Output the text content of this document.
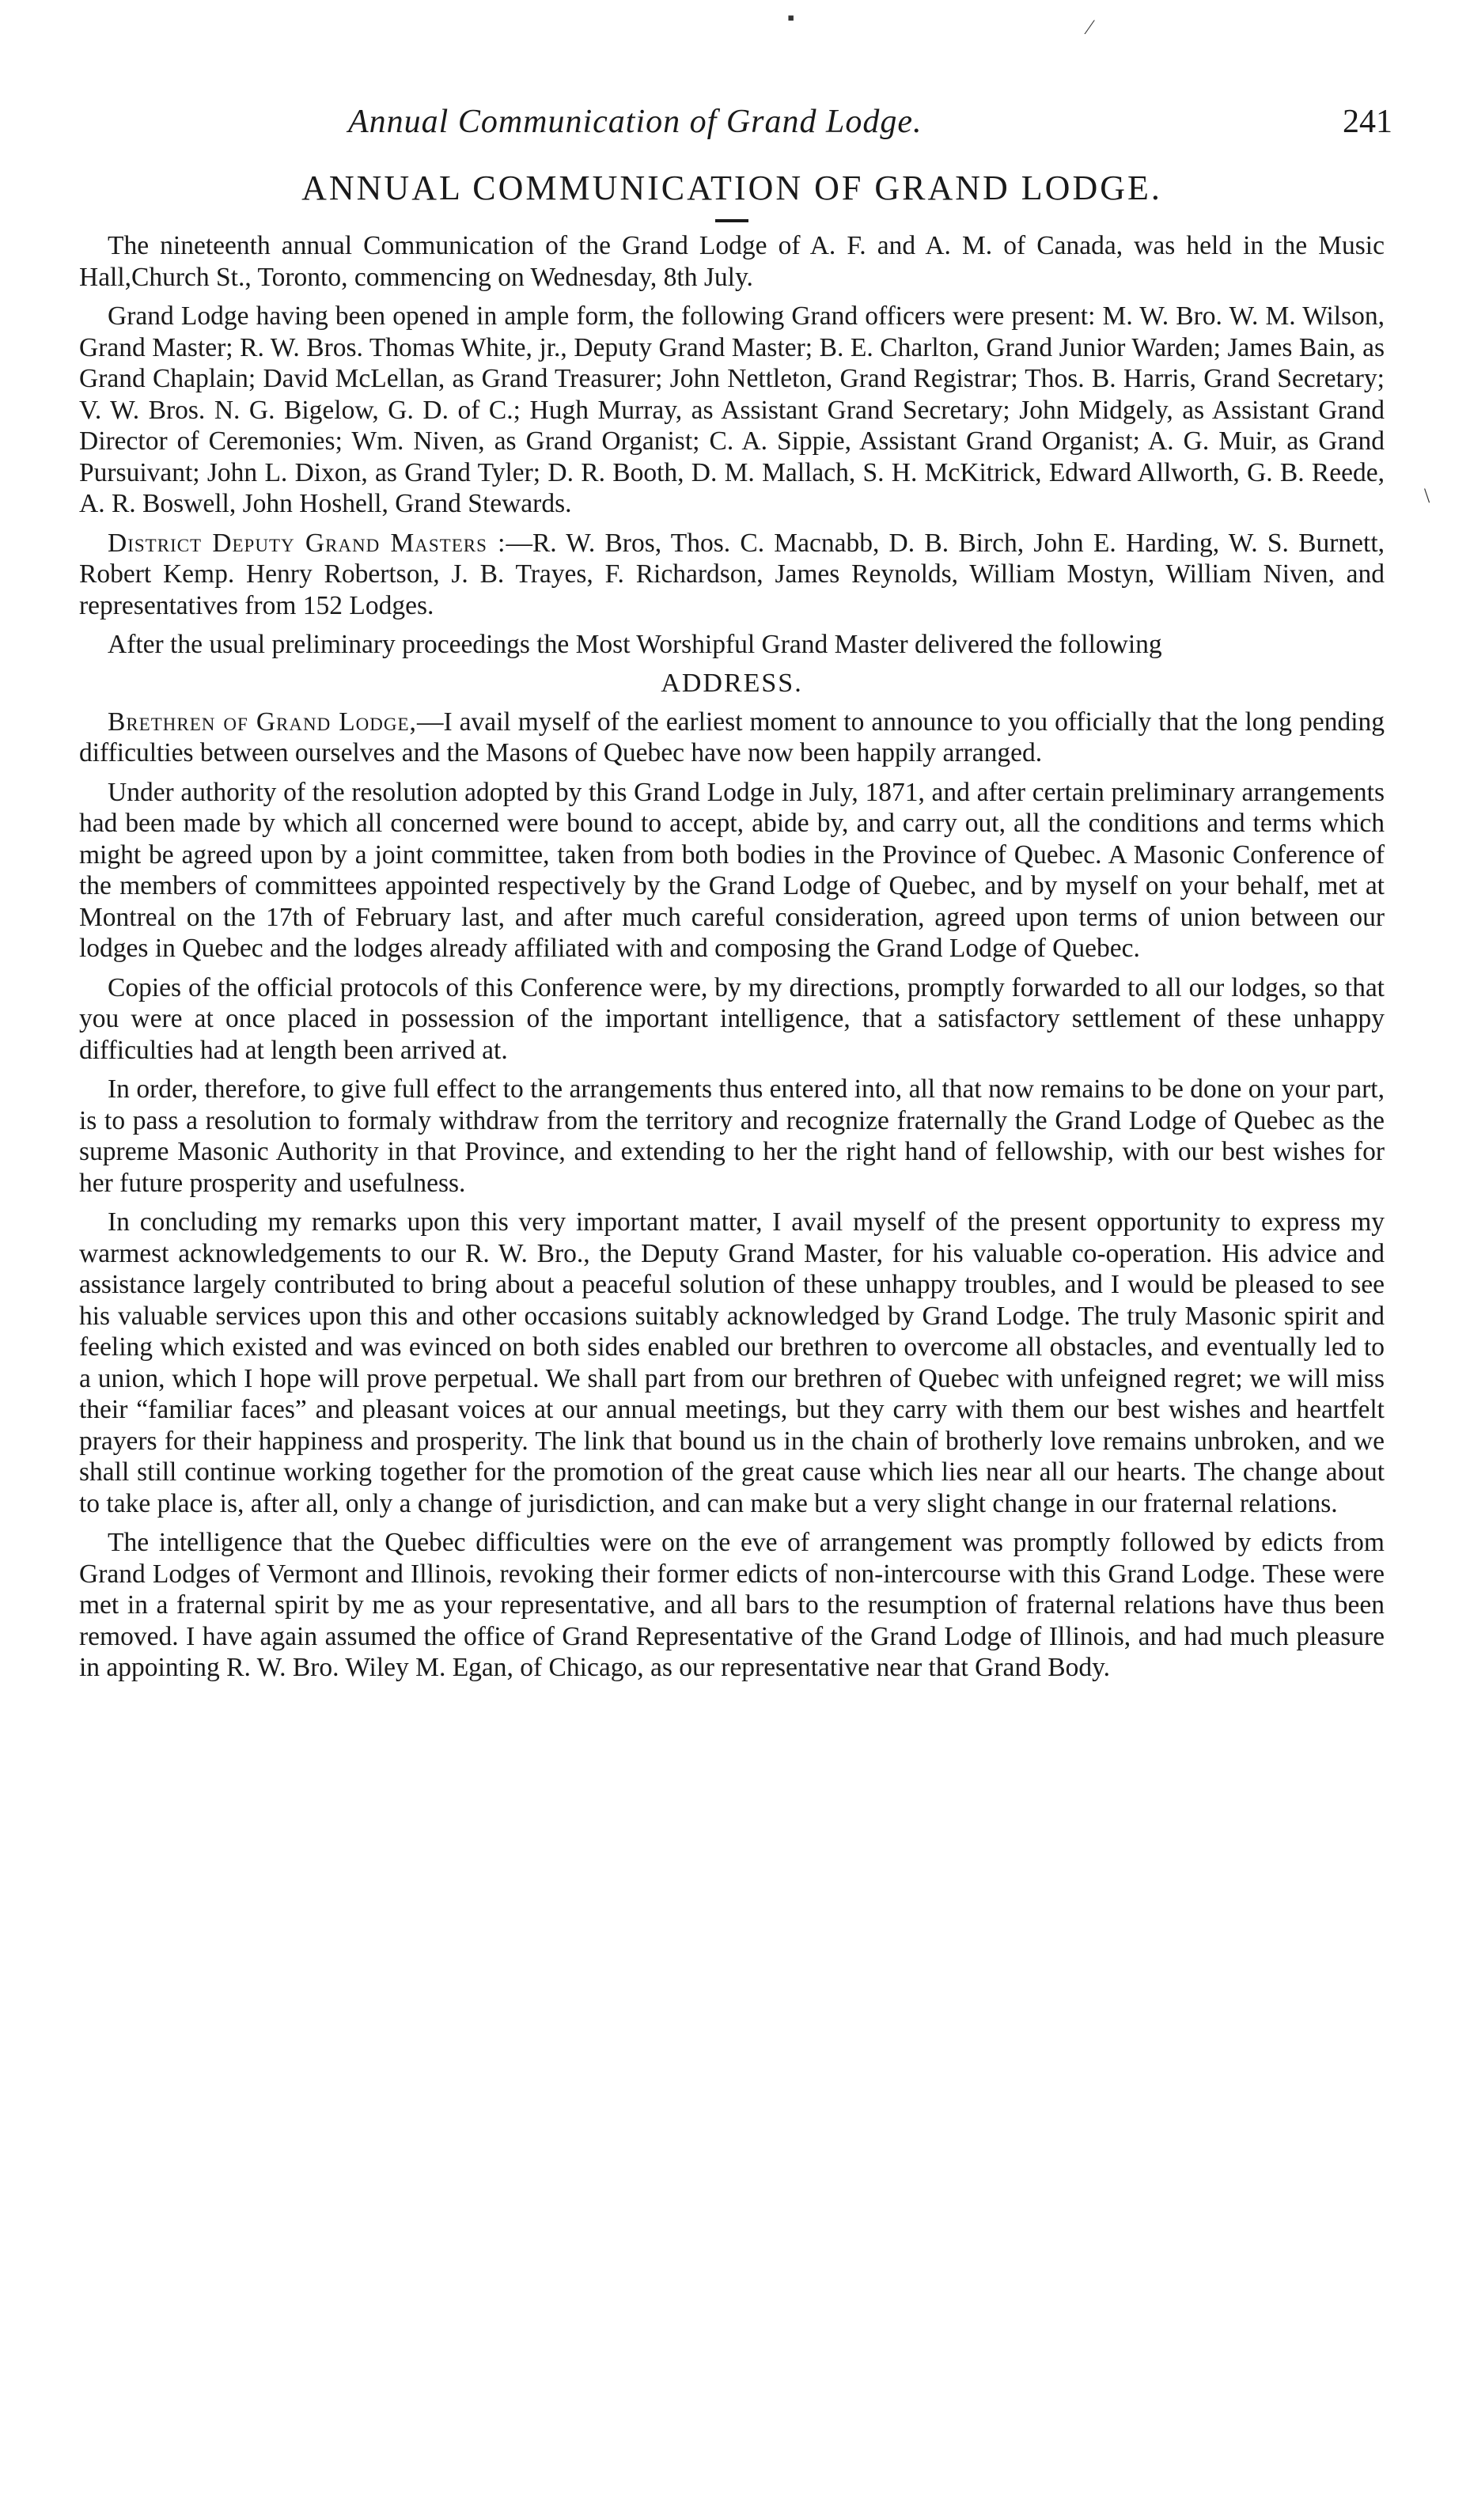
▪	⁄
\
Annual Communication of Grand Lodge.	241
ANNUAL COMMUNICATION OF GRAND LODGE.

The nineteenth annual Communication of the Grand Lodge of A. F. and A. M. of Canada, was held in the Music Hall,Church St., Toronto, commencing on Wednesday, 8th July.

Grand Lodge having been opened in ample form, the following Grand officers were present: M. W. Bro. W. M. Wilson, Grand Master; R. W. Bros. Thomas White, jr., Deputy Grand Master; B. E. Charlton, Grand Junior Warden; James Bain, as Grand Chaplain; David McLellan, as Grand Treasurer; John Nettleton, Grand Registrar; Thos. B. Harris, Grand Secretary; V. W. Bros. N. G. Bigelow, G. D. of C.; Hugh Murray, as Assistant Grand Secretary; John Midgely, as Assistant Grand Director of Ceremonies; Wm. Niven, as Grand Organist; C. A. Sippie, Assistant Grand Organist; A. G. Muir, as Grand Pursuivant; John L. Dixon, as Grand Tyler; D. R. Booth, D. M. Mallach, S. H. McKitrick, Edward Allworth, G. B. Reede, A. R. Boswell, John Hoshell, Grand Stewards.

District Deputy Grand Masters :—R. W. Bros, Thos. C. Macnabb, D. B. Birch, John E. Harding, W. S. Burnett, Robert Kemp. Henry Robertson, J. B. Trayes, F. Richardson, James Reynolds, William Mostyn, William Niven, and representatives from 152 Lodges.

After the usual preliminary proceedings the Most Worshipful Grand Master delivered the following

ADDRESS.

Brethren of Grand Lodge,—I avail myself of the earliest moment to announce to you officially that the long pending difficulties between ourselves and the Masons of Quebec have now been happily arranged.

Under authority of the resolution adopted by this Grand Lodge in July, 1871, and after certain preliminary arrangements had been made by which all concerned were bound to accept, abide by, and carry out, all the conditions and terms which might be agreed upon by a joint committee, taken from both bodies in the Province of Quebec. A Masonic Conference of the members of committees appointed respectively by the Grand Lodge of Quebec, and by myself on your behalf, met at Montreal on the 17th of February last, and after much careful consideration, agreed upon terms of union between our lodges in Quebec and the lodges already affiliated with and composing the Grand Lodge of Quebec.

Copies of the official protocols of this Conference were, by my directions, promptly forwarded to all our lodges, so that you were at once placed in possession of the important intelligence, that a satisfactory settlement of these unhappy difficulties had at length been arrived at.

In order, therefore, to give full effect to the arrangements thus entered into, all that now remains to be done on your part, is to pass a resolution to formaly withdraw from the territory and recognize fraternally the Grand Lodge of Quebec as the supreme Masonic Authority in that Province, and extending to her the right hand of fellowship, with our best wishes for her future prosperity and usefulness.

In concluding my remarks upon this very important matter, I avail myself of the present opportunity to express my warmest acknowledgements to our R. W. Bro., the Deputy Grand Master, for his valuable co-operation. His advice and assistance largely contributed to bring about a peaceful solution of these unhappy troubles, and I would be pleased to see his valuable services upon this and other occasions suitably acknowledged by Grand Lodge. The truly Masonic spirit and feeling which existed and was evinced on both sides enabled our brethren to overcome all obstacles, and eventually led to a union, which I hope will prove perpetual. We shall part from our brethren of Quebec with unfeigned regret; we will miss their “familiar faces” and pleasant voices at our annual meetings, but they carry with them our best wishes and heartfelt prayers for their happiness and prosperity. The link that bound us in the chain of brotherly love remains unbroken, and we shall still continue working together for the promotion of the great cause which lies near all our hearts. The change about to take place is, after all, only a change of jurisdiction, and can make but a very slight change in our fraternal relations.

The intelligence that the Quebec difficulties were on the eve of arrangement was promptly followed by edicts from Grand Lodges of Vermont and Illinois, revoking their former edicts of non-intercourse with this Grand Lodge. These were met in a fraternal spirit by me as your representative, and all bars to the resumption of fraternal relations have thus been removed. I have again assumed the office of Grand Representative of the Grand Lodge of Illinois, and had much pleasure in appointing R. W. Bro. Wiley M. Egan, of Chicago, as our representative near that Grand Body.
